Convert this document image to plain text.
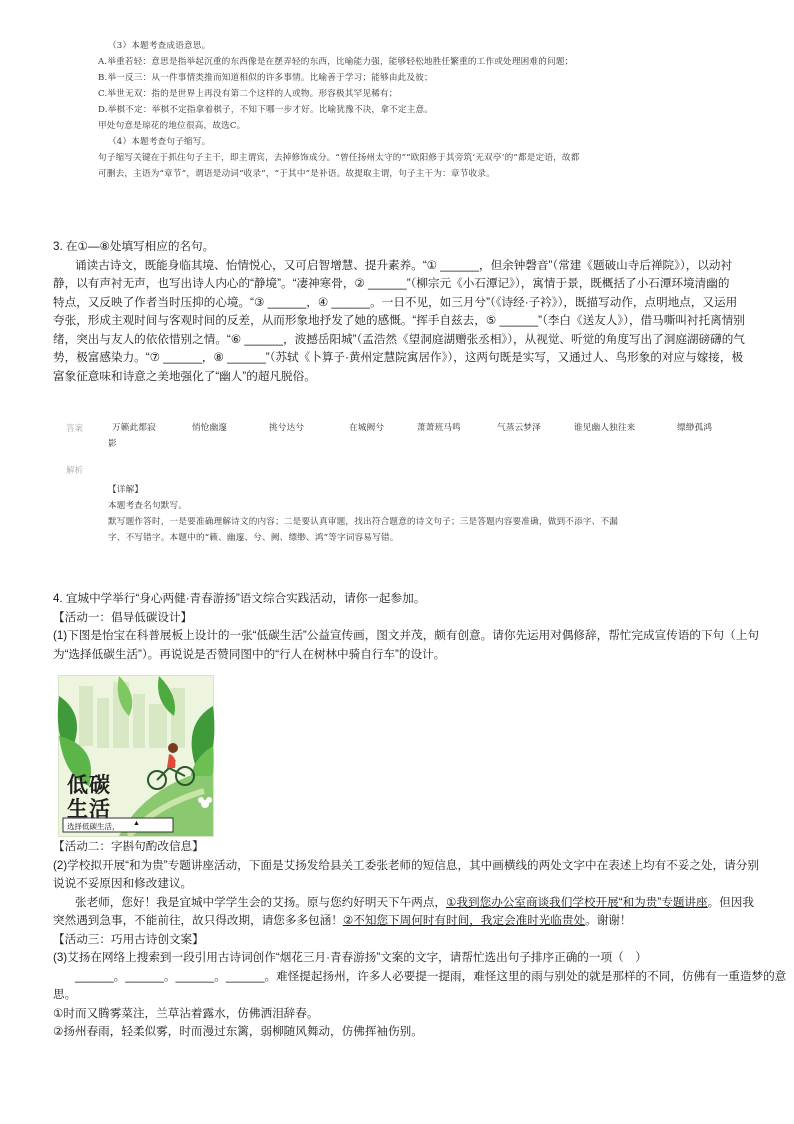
（3）本题考查成语意思。
A.举重若轻：意思是指举起沉重的东西像是在摆弄轻的东西，比喻能力强，能够轻松地胜任繁重的工作或处理困难的问题；
B.举一反三：从一件事情类推而知道相似的许多事情。比喻善于学习；能够由此及彼；
C.举世无双：指的是世界上再没有第二个这样的人或物。形容极其罕见稀有；
D.举棋不定：举棋不定指拿着棋子，不知下哪一步才好。比喻犹豫不决，拿不定主意。
甲处句意是琼花的地位很高，故选C。
（4）本题考查句子缩写。
句子缩写关键在于抓住句子主干，即主谓宾，去掉修饰成分。“曾任扬州太守的”“欧阳修于其旁筑‘无双亭’的”都是定语，故都
可删去，主语为“章节”，谓语是动词“收录”，“于其中”是补语。故提取主谓，句子主干为：章节收录。
3. 在①—⑧处填写相应的名句。
诵读古诗文，既能身临其境、怡情悦心，又可启智增慧、提升素养。“① ______，但余钟磬音”（常建《题破山寺后禅院》），以动衬
静，以有声衬无声，也写出诗人内心的“静境”。“凄神寒骨，② ______”（柳宗元《小石潭记》），寓情于景，既概括了小石潭环境清幽的
特点，又反映了作者当时压抑的心境。“③ ______，④ ______。一日不见，如三月兮”（《诗经·子衿》），既描写动作，点明地点，又运用
夸张，形成主观时间与客观时间的反差，从而形象地抒发了她的感慨。“挥手自兹去，⑤ ______”（李白《送友人》），借马嘶叫衬托离情别
绪，突出与友人的依依惜别之情。“⑥ ______，波撼岳阳城”（孟浩然《望洞庭湖赠张丞相》），从视觉、听觉的角度写出了洞庭湖磅礴的气
势，极富感染力。“⑦ ______，⑧ ______”（苏轼《卜算子·黄州定慧院寓居作》），这两句既是实写，又通过人、鸟形象的对应与嫁接，极
富象征意味和诗意之美地强化了“幽人”的超凡脱俗。
答案	万籁此都寂	悄怆幽邃	挑兮达兮	在城阙兮	萧萧班马鸣	气蒸云梦泽	谁见幽人独往来	缥缈孤鸿
影
解析
【详解】
本题考查名句默写。
默写题作答时，一是要准确理解诗文的内容；二是要认真审题，找出符合题意的诗文句子；三是答题内容要准确，做到不添字、不漏
字、不写错字。本题中的“籁、幽邃、兮、阙、缥缈、鸿”等字词容易写错。
4. 宜城中学举行“身心两健·青春游扬”语文综合实践活动，请你一起参加。
【活动一：倡导低碳设计】
(1)下图是怡宝在科普展板上设计的一张“低碳生活”公益宣传画，图文并茂，颇有创意。请你先运用对偶修辞，帮忙完成宣传语的下句（上句
为“选择低碳生活”）。再说说是否赞同图中的“行人在树林中骑自行车”的设计。
低碳
生活
选择低碳生活， ▲
【活动二：字斟句酌改信息】
(2)学校拟开展“和为贵”专题讲座活动，下面是艾扬发给县关工委张老师的短信息，其中画横线的两处文字中在表述上均有不妥之处，请分别
说说不妥原因和修改建议。
张老师，您好！我是宜城中学学生会的艾扬。原与您约好明天下午两点，①我到您办公室商谈我们学校开展“和为贵”专题讲座。但因我
突然遇到急事，不能前往，故只得改期，请您多多包涵！②不知您下周何时有时间，我定会准时光临贵处。谢谢！
【活动三：巧用古诗创文案】
(3)艾扬在网络上搜索到一段引用古诗词创作“烟花三月·青春游扬”文案的文字，请帮忙选出句子排序正确的一项（　）
______。______。______。______。难怪提起扬州，许多人必要提一提雨，难怪这里的雨与别处的就是那样的不同，仿佛有一重造梦的意
思。
①时而又腾雾菜注，兰草沾着露水，仿佛洒泪辞春。
②扬州春雨，轻柔似雾，时而漫过东篱，弱柳随风舞动，仿佛挥袖伤别。
